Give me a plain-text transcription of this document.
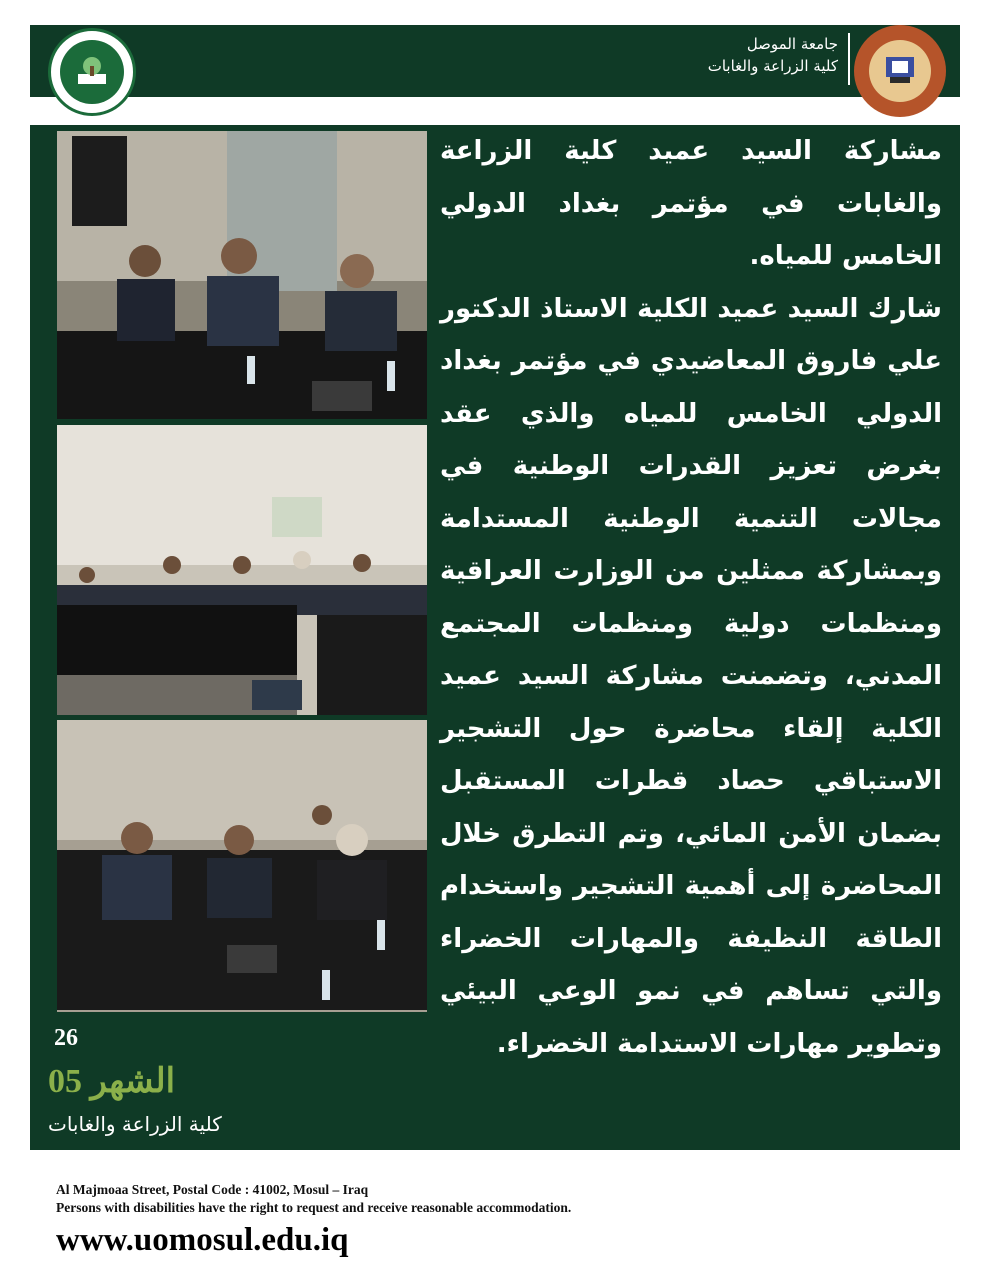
جامعة الموصل
كلية الزراعة والغابات

مشاركة السيد عميد كلية الزراعة والغابات في مؤتمر بغداد الدولي الخامس للمياه.

شارك السيد عميد الكلية الاستاذ الدكتور علي فاروق المعاضيدي في مؤتمر بغداد الدولي الخامس للمياه والذي عقد بغرض تعزيز القدرات الوطنية في مجالات التنمية الوطنية المستدامة وبمشاركة ممثلين من الوزارت العراقية ومنظمات دولية ومنظمات المجتمع المدني، وتضمنت مشاركة السيد عميد الكلية إلقاء محاضرة حول التشجير الاستباقي حصاد قطرات المستقبل بضمان الأمن المائي، وتم التطرق خلال المحاضرة إلى أهمية التشجير واستخدام الطاقة النظيفة والمهارات الخضراء والتي تساهم في نمو الوعي البيئي وتطوير مهارات الاستدامة الخضراء.

26
الشهر 05
كلية الزراعة والغابات
Al Majmoaa Street, Postal Code : 41002, Mosul – Iraq
Persons with disabilities have the right to request and receive reasonable accommodation.
www.uomosul.edu.iq
